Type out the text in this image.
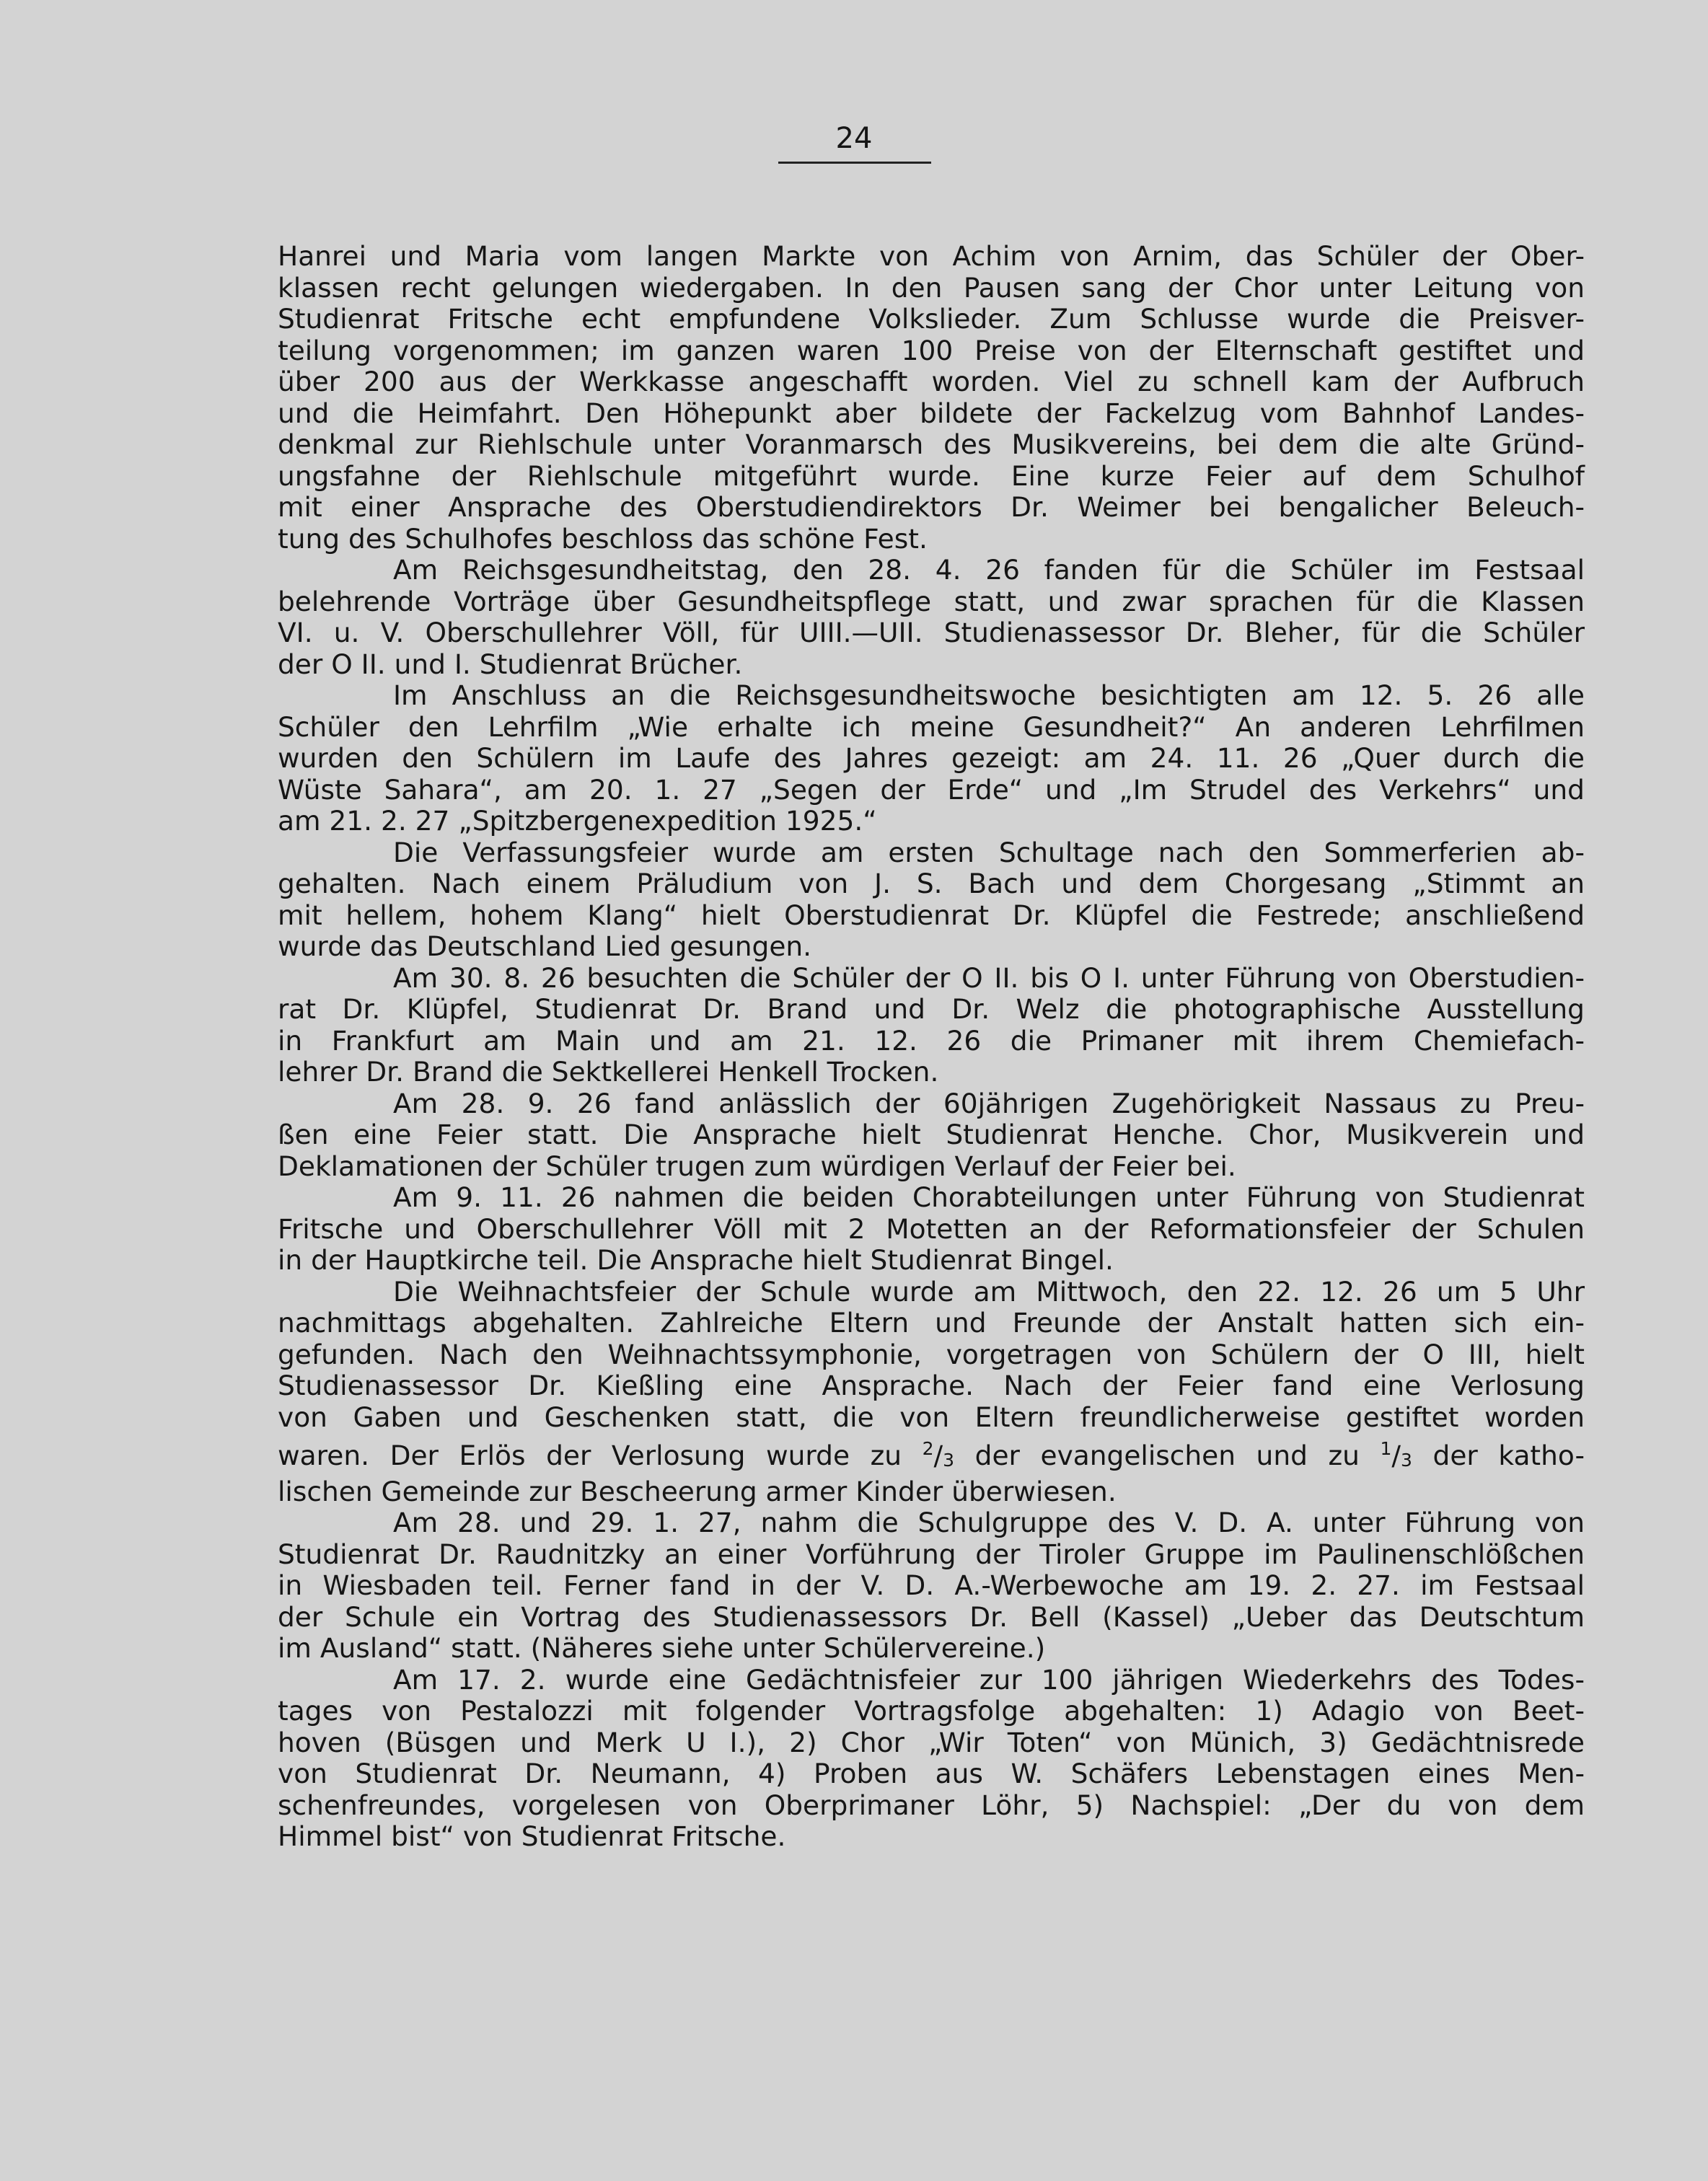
24
Hanrei und Maria vom langen Markte von Achim von Arnim, das Schüler der Ober-
klassen recht gelungen wiedergaben. In den Pausen sang der Chor unter Leitung von
Studienrat Fritsche echt empfundene Volkslieder. Zum Schlusse wurde die Preisver-
teilung vorgenommen; im ganzen waren 100 Preise von der Elternschaft gestiftet und
über 200 aus der Werkkasse angeschafft worden. Viel zu schnell kam der Aufbruch
und die Heimfahrt. Den Höhepunkt aber bildete der Fackelzug vom Bahnhof Landes-
denkmal zur Riehlschule unter Voranmarsch des Musikvereins, bei dem die alte Gründ-
ungsfahne der Riehlschule mitgeführt wurde. Eine kurze Feier auf dem Schulhof
mit einer Ansprache des Oberstudiendirektors Dr. Weimer bei bengalicher Beleuch-
tung des Schulhofes beschloss das schöne Fest.
Am Reichsgesundheitstag, den 28. 4. 26 fanden für die Schüler im Festsaal
belehrende Vorträge über Gesundheitspflege statt, und zwar sprachen für die Klassen
VI. u. V. Oberschullehrer Völl, für UIII.—UII. Studienassessor Dr. Bleher, für die Schüler
der O II. und I. Studienrat Brücher.
Im Anschluss an die Reichsgesundheitswoche besichtigten am 12. 5. 26 alle
Schüler den Lehrfilm „Wie erhalte ich meine Gesundheit?“ An anderen Lehrfilmen
wurden den Schülern im Laufe des Jahres gezeigt: am 24. 11. 26 „Quer durch die
Wüste Sahara“, am 20. 1. 27 „Segen der Erde“ und „Im Strudel des Verkehrs“ und
am 21. 2. 27 „Spitzbergenexpedition 1925.“
Die Verfassungsfeier wurde am ersten Schultage nach den Sommerferien ab-
gehalten. Nach einem Präludium von J. S. Bach und dem Chorgesang „Stimmt an
mit hellem, hohem Klang“ hielt Oberstudienrat Dr. Klüpfel die Festrede; anschließend
wurde das Deutschland Lied gesungen.
Am 30. 8. 26 besuchten die Schüler der O II. bis O I. unter Führung von Oberstudien-
rat Dr. Klüpfel, Studienrat Dr. Brand und Dr. Welz die photographische Ausstellung
in Frankfurt am Main und am 21. 12. 26 die Primaner mit ihrem Chemiefach-
lehrer Dr. Brand die Sektkellerei Henkell Trocken.
Am 28. 9. 26 fand anlässlich der 60jährigen Zugehörigkeit Nassaus zu Preu-
ßen eine Feier statt. Die Ansprache hielt Studienrat Henche. Chor, Musikverein und
Deklamationen der Schüler trugen zum würdigen Verlauf der Feier bei.
Am 9. 11. 26 nahmen die beiden Chorabteilungen unter Führung von Studienrat
Fritsche und Oberschullehrer Völl mit 2 Motetten an der Reformationsfeier der Schulen
in der Hauptkirche teil. Die Ansprache hielt Studienrat Bingel.
Die Weihnachtsfeier der Schule wurde am Mittwoch, den 22. 12. 26 um 5 Uhr
nachmittags abgehalten. Zahlreiche Eltern und Freunde der Anstalt hatten sich ein-
gefunden. Nach den Weihnachtssymphonie, vorgetragen von Schülern der O III, hielt
Studienassessor Dr. Kießling eine Ansprache. Nach der Feier fand eine Verlosung
von Gaben und Geschenken statt, die von Eltern freundlicherweise gestiftet worden
waren. Der Erlös der Verlosung wurde zu $^2/_3$ der evangelischen und zu $^1/_3$ der katho-
lischen Gemeinde zur Bescheerung armer Kinder überwiesen.
Am 28. und 29. 1. 27, nahm die Schulgruppe des V. D. A. unter Führung von
Studienrat Dr. Raudnitzky an einer Vorführung der Tiroler Gruppe im Paulinenschlößchen
in Wiesbaden teil. Ferner fand in der V. D. A.-Werbewoche am 19. 2. 27. im Festsaal
der Schule ein Vortrag des Studienassessors Dr. Bell (Kassel) „Ueber das Deutschtum
im Ausland“ statt. (Näheres siehe unter Schülervereine.)
Am 17. 2. wurde eine Gedächtnisfeier zur 100 jährigen Wiederkehrs des Todes-
tages von Pestalozzi mit folgender Vortragsfolge abgehalten: 1) Adagio von Beet-
hoven (Büsgen und Merk U I.), 2) Chor „Wir Toten“ von Münich, 3) Gedächtnisrede
von Studienrat Dr. Neumann, 4) Proben aus W. Schäfers Lebenstagen eines Men-
schenfreundes, vorgelesen von Oberprimaner Löhr, 5) Nachspiel: „Der du von dem
Himmel bist“ von Studienrat Fritsche.
